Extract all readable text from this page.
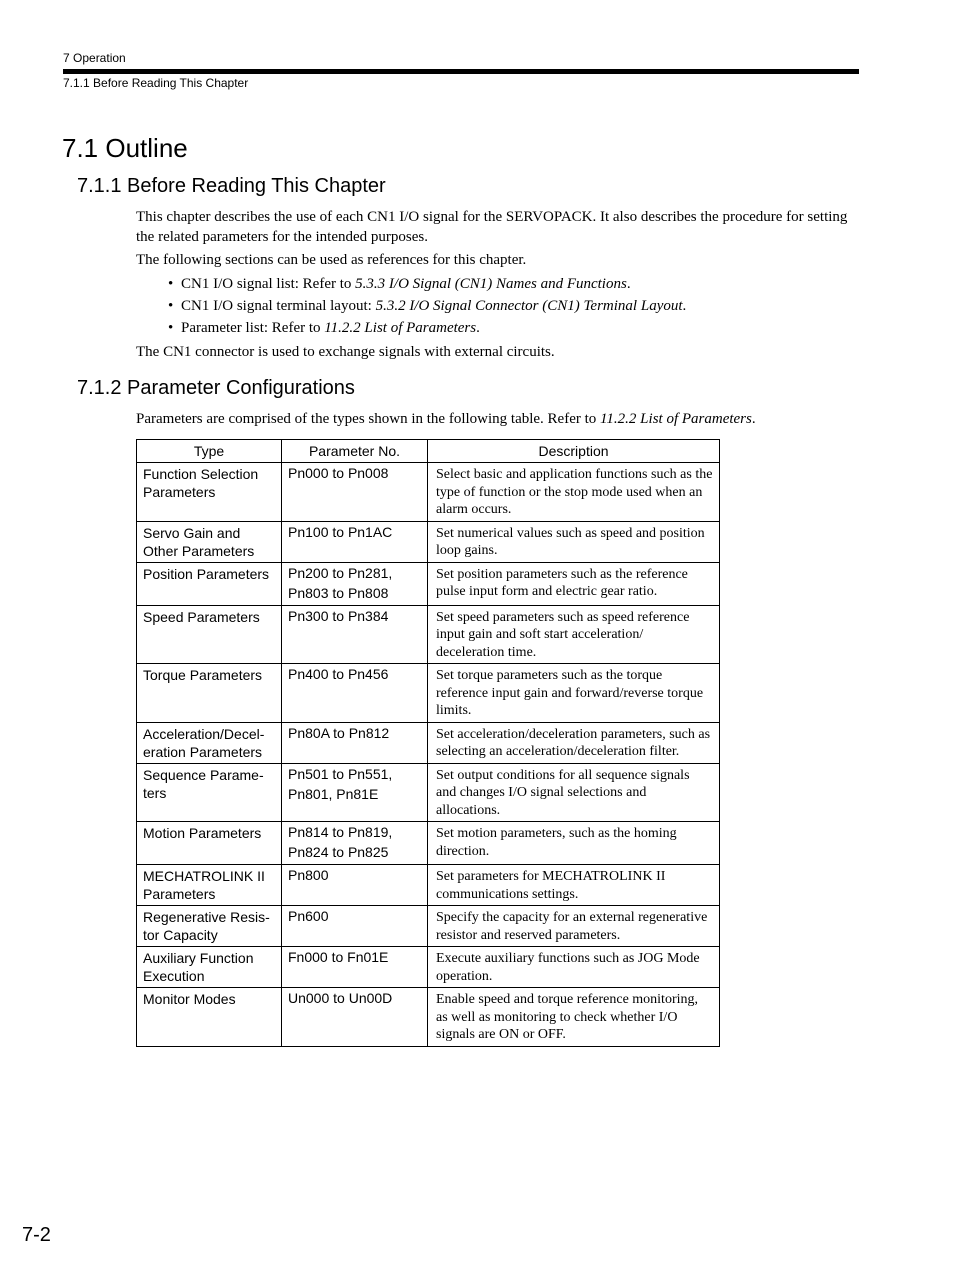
7 Operation
7.1.1 Before Reading This Chapter
7.1 Outline
7.1.1 Before Reading This Chapter

This chapter describes the use of each CN1 I/O signal for the SERVOPACK. It also describes the procedure for setting the related parameters for the intended purposes.

The following sections can be used as references for this chapter.

• CN1 I/O signal list: Refer to 5.3.3 I/O Signal (CN1) Names and Functions.
• CN1 I/O signal terminal layout: 5.3.2 I/O Signal Connector (CN1) Terminal Layout.
• Parameter list: Refer to 11.2.2 List of Parameters.

The CN1 connector is used to exchange signals with external circuits.

7.1.2 Parameter Configurations

Parameters are comprised of the types shown in the following table. Refer to 11.2.2 List of Parameters.

Type	Parameter No.	Description
Function Selection Parameters	Pn000 to Pn008	Select basic and application functions such as the type of function or the stop mode used when an alarm occurs.
Servo Gain and Other Parameters	Pn100 to Pn1AC	Set numerical values such as speed and position loop gains.
Position Parameters	Pn200 to Pn281, Pn803 to Pn808	Set position parameters such as the reference pulse input form and electric gear ratio.
Speed Parameters	Pn300 to Pn384	Set speed parameters such as speed reference input gain and soft start acceleration/ deceleration time.
Torque Parameters	Pn400 to Pn456	Set torque parameters such as the torque reference input gain and forward/reverse torque limits.
Acceleration/Decel-eration Parameters	Pn80A to Pn812	Set acceleration/deceleration parameters, such as selecting an acceleration/deceleration filter.
Sequence Parame-ters	Pn501 to Pn551, Pn801, Pn81E	Set output conditions for all sequence signals and changes I/O signal selections and allocations.
Motion Parameters	Pn814 to Pn819, Pn824 to Pn825	Set motion parameters, such as the homing direction.
MECHATROLINK II Parameters	Pn800	Set parameters for MECHATROLINK II communications settings.
Regenerative Resis-tor Capacity	Pn600	Specify the capacity for an external regenerative resistor and reserved parameters.
Auxiliary Function Execution	Fn000 to Fn01E	Execute auxiliary functions such as JOG Mode operation.
Monitor Modes	Un000 to Un00D	Enable speed and torque reference monitoring, as well as monitoring to check whether I/O signals are ON or OFF.
7-2
